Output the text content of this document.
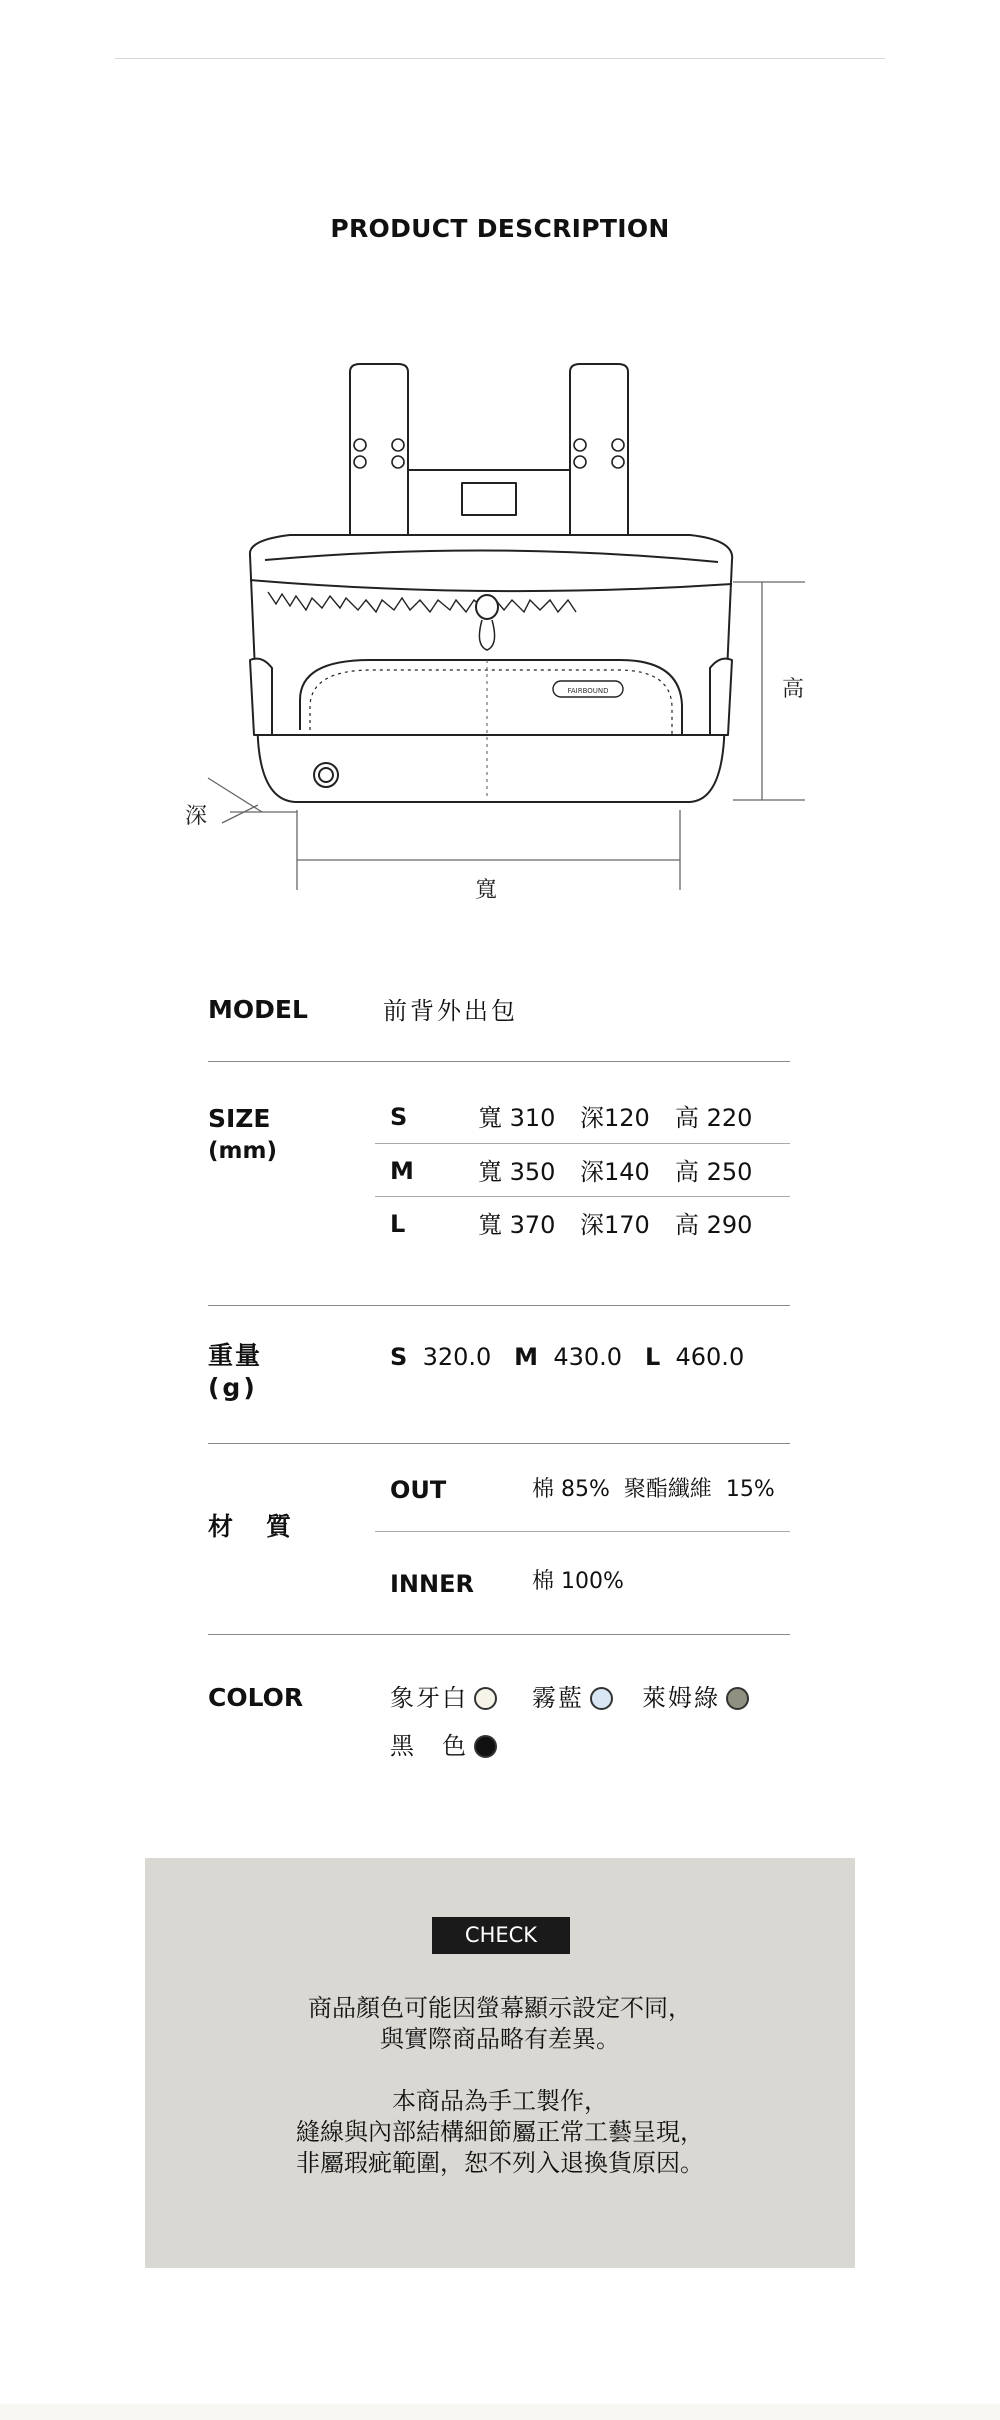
PRODUCT DESCRIPTION
FAIRBOUND	高
寬
深
MODEL	前背外出包
SIZE
(mm)
S	寬 310 深120 高 220
M	寬 350 深140 高 250
L	寬 370 深170 高 290
重量
(g)
S 320.0 M 430.0 L 460.0
材　質
OUT	棉 85%  聚酯纖維  15%
INNER	棉 100%
COLOR	象牙白	霧藍	萊姆綠
黑　色
CHECK
商品顏色可能因螢幕顯示設定不同，
與實際商品略有差異。
本商品為手工製作，
縫線與內部結構細節屬正常工藝呈現，
非屬瑕疵範圍，恕不列入退換貨原因。
